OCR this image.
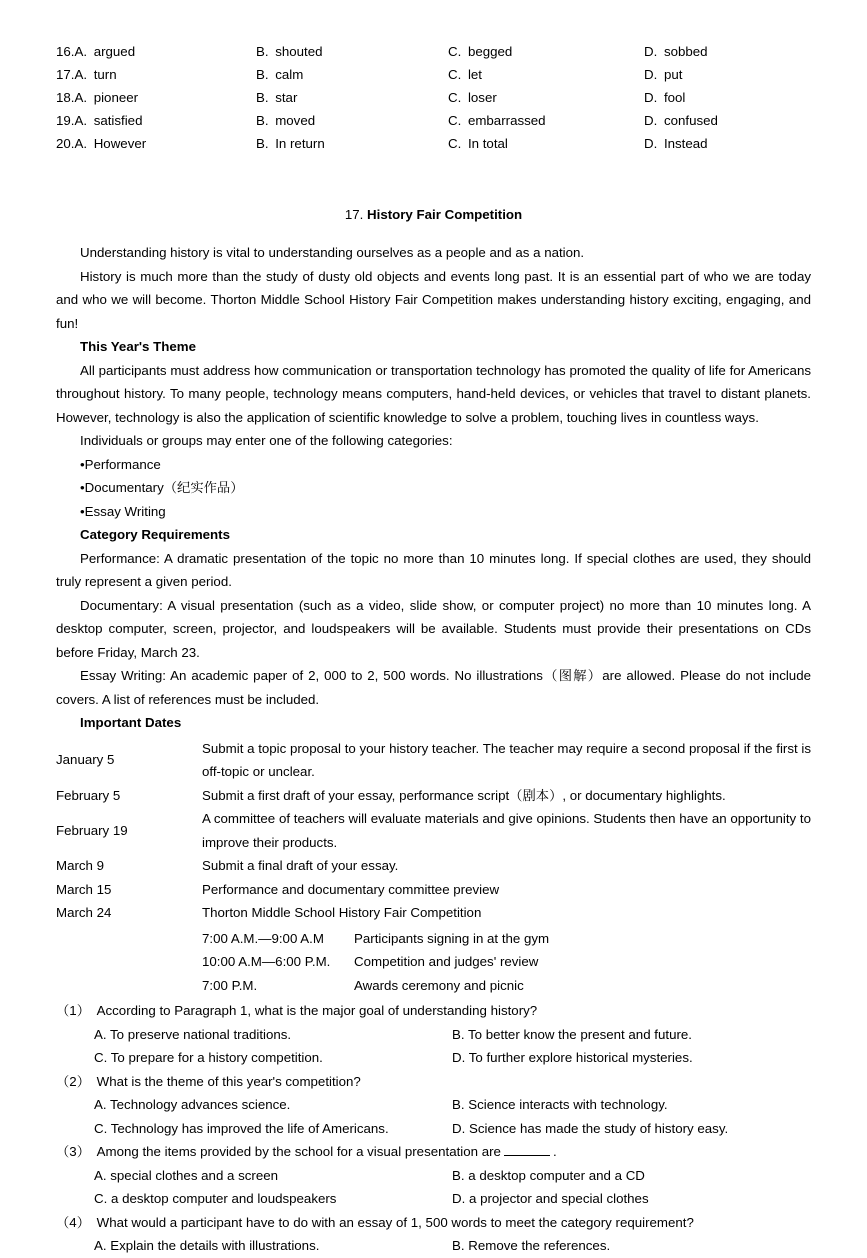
16.A. argued	B. shouted	C. begged	D. sobbed
17.A. turn	B. calm	C. let	D. put
18.A. pioneer	B. star	C. loser	D. fool
19.A. satisfied	B. moved	C. embarrassed	D. confused
20.A. However	B. In return	C. In total	D. Instead
17. History Fair Competition

Understanding history is vital to understanding ourselves as a people and as a nation.

History is much more than the study of dusty old objects and events long past. It is an essential part of who we are today and who we will become. Thorton Middle School History Fair Competition makes understanding history exciting, engaging, and fun!

This Year's Theme

All participants must address how communication or transportation technology has promoted the quality of life for Americans throughout history. To many people, technology means computers, hand-held devices, or vehicles that travel to distant planets. However, technology is also the application of scientific knowledge to solve a problem, touching lives in countless ways.

Individuals or groups may enter one of the following categories:

•Performance

•Documentary（纪实作品）

•Essay Writing

Category Requirements

Performance: A dramatic presentation of the topic no more than 10 minutes long. If special clothes are used, they should truly represent a given period.

Documentary: A visual presentation (such as a video, slide show, or computer project) no more than 10 minutes long. A desktop computer, screen, projector, and loudspeakers will be available. Students must provide their presentations on CDs before Friday, March 23.

Essay Writing: An academic paper of 2, 000 to 2, 500 words. No illustrations（图解）are allowed. Please do not include covers. A list of references must be included.

Important Dates

January 5	Submit a topic proposal to your history teacher. The teacher may require a second proposal if the first is off-topic or unclear.
February 5	Submit a first draft of your essay, performance script（剧本）, or documentary highlights.
February 19	A committee of teachers will evaluate materials and give opinions. Students then have an opportunity to improve their products.
March 9	Submit a final draft of your essay.
March 15	Performance and documentary committee preview
March 24	Thorton Middle School History Fair Competition
7:00 A.M.—9:00 A.M	Participants signing in at the gym
10:00 A.M—6:00 P.M.	Competition and judges' review
7:00 P.M.	Awards ceremony and picnic
（1） According to Paragraph 1, what is the major goal of understanding history?
A. To preserve national traditions.	B. To better know the present and future.
C. To prepare for a history competition.	D. To further explore historical mysteries.
（2） What is the theme of this year's competition?
A. Technology advances science.	B. Science interacts with technology.
C. Technology has improved the life of Americans.	D. Science has made the study of history easy.
（3） Among the items provided by the school for a visual presentation are	.
A. special clothes and a screen	B. a desktop computer and a CD
C. a desktop computer and loudspeakers	D. a projector and special clothes
（4） What would a participant have to do with an essay of 1, 500 words to meet the category requirement?
A. Explain the details with illustrations.	B. Remove the references.
